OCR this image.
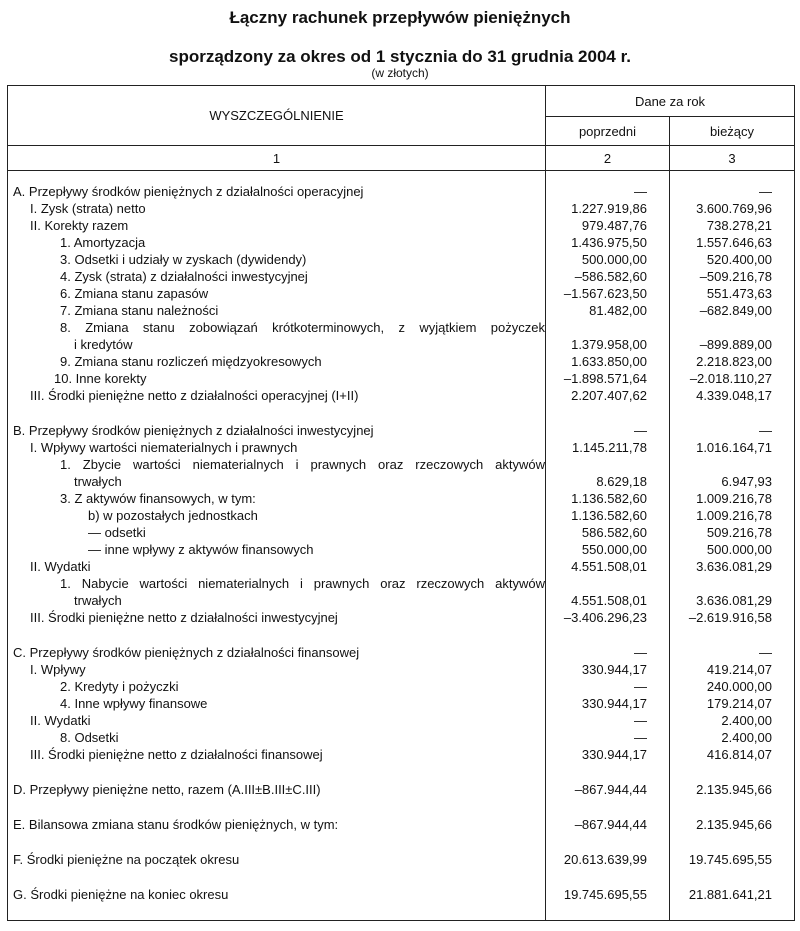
Łączny rachunek przepływów pieniężnych
sporządzony za okres od 1 stycznia do 31 grudnia 2004 r.
(w złotych)
WYSZCZEGÓLNIENIE	Dane za rok	
	poprzedni	bieżący
1	2	3

A. Przepływy środków pieniężnych z działalności operacyjnej	—	—
I. Zysk (strata) netto	1.227.919,86	3.600.769,96
II. Korekty razem	979.487,76	738.278,21
1. Amortyzacja	1.436.975,50	1.557.646,63
3. Odsetki i udziały w zyskach (dywidendy)	500.000,00	520.400,00
4. Zysk (strata) z działalności inwestycyjnej	–586.582,60	–509.216,78
6. Zmiana stanu zapasów	–1.567.623,50	551.473,63
7. Zmiana stanu należności	81.482,00	–682.849,00

8. Zmiana stanu zobowiązań krótkoterminowych, z wyjątkiem pożyczek
i kredytów	1.379.958,00	–899.889,00
9. Zmiana stanu rozliczeń międzyokresowych	1.633.850,00	2.218.823,00
10. Inne korekty	–1.898.571,64	–2.018.110,27
III. Środki pieniężne netto z działalności operacyjnej (I+II)	2.207.407,62	4.339.048,17

B. Przepływy środków pieniężnych z działalności inwestycyjnej	—	—
I. Wpływy wartości niematerialnych i prawnych	1.145.211,78	1.016.164,71

1. Zbycie wartości niematerialnych i prawnych oraz rzeczowych aktywów
trwałych	8.629,18	6.947,93
3. Z aktywów finansowych, w tym:	1.136.582,60	1.009.216,78
b) w pozostałych jednostkach	1.136.582,60	1.009.216,78
— odsetki	586.582,60	509.216,78
— inne wpływy z aktywów finansowych	550.000,00	500.000,00
II. Wydatki	4.551.508,01	3.636.081,29

1. Nabycie wartości niematerialnych i prawnych oraz rzeczowych aktywów
trwałych	4.551.508,01	3.636.081,29
III. Środki pieniężne netto z działalności inwestycyjnej	–3.406.296,23	–2.619.916,58

C. Przepływy środków pieniężnych z działalności finansowej	—	—
I. Wpływy	330.944,17	419.214,07
2. Kredyty i pożyczki	—	240.000,00
4. Inne wpływy finansowe	330.944,17	179.214,07
II. Wydatki	—	2.400,00
8. Odsetki	—	2.400,00
III. Środki pieniężne netto z działalności finansowej	330.944,17	416.814,07

D. Przepływy pieniężne netto, razem (A.III±B.III±C.III)	–867.944,44	2.135.945,66

E. Bilansowa zmiana stanu środków pieniężnych, w tym:	–867.944,44	2.135.945,66

F. Środki pieniężne na początek okresu	20.613.639,99	19.745.695,55

G. Środki pieniężne na koniec okresu	19.745.695,55	21.881.641,21
